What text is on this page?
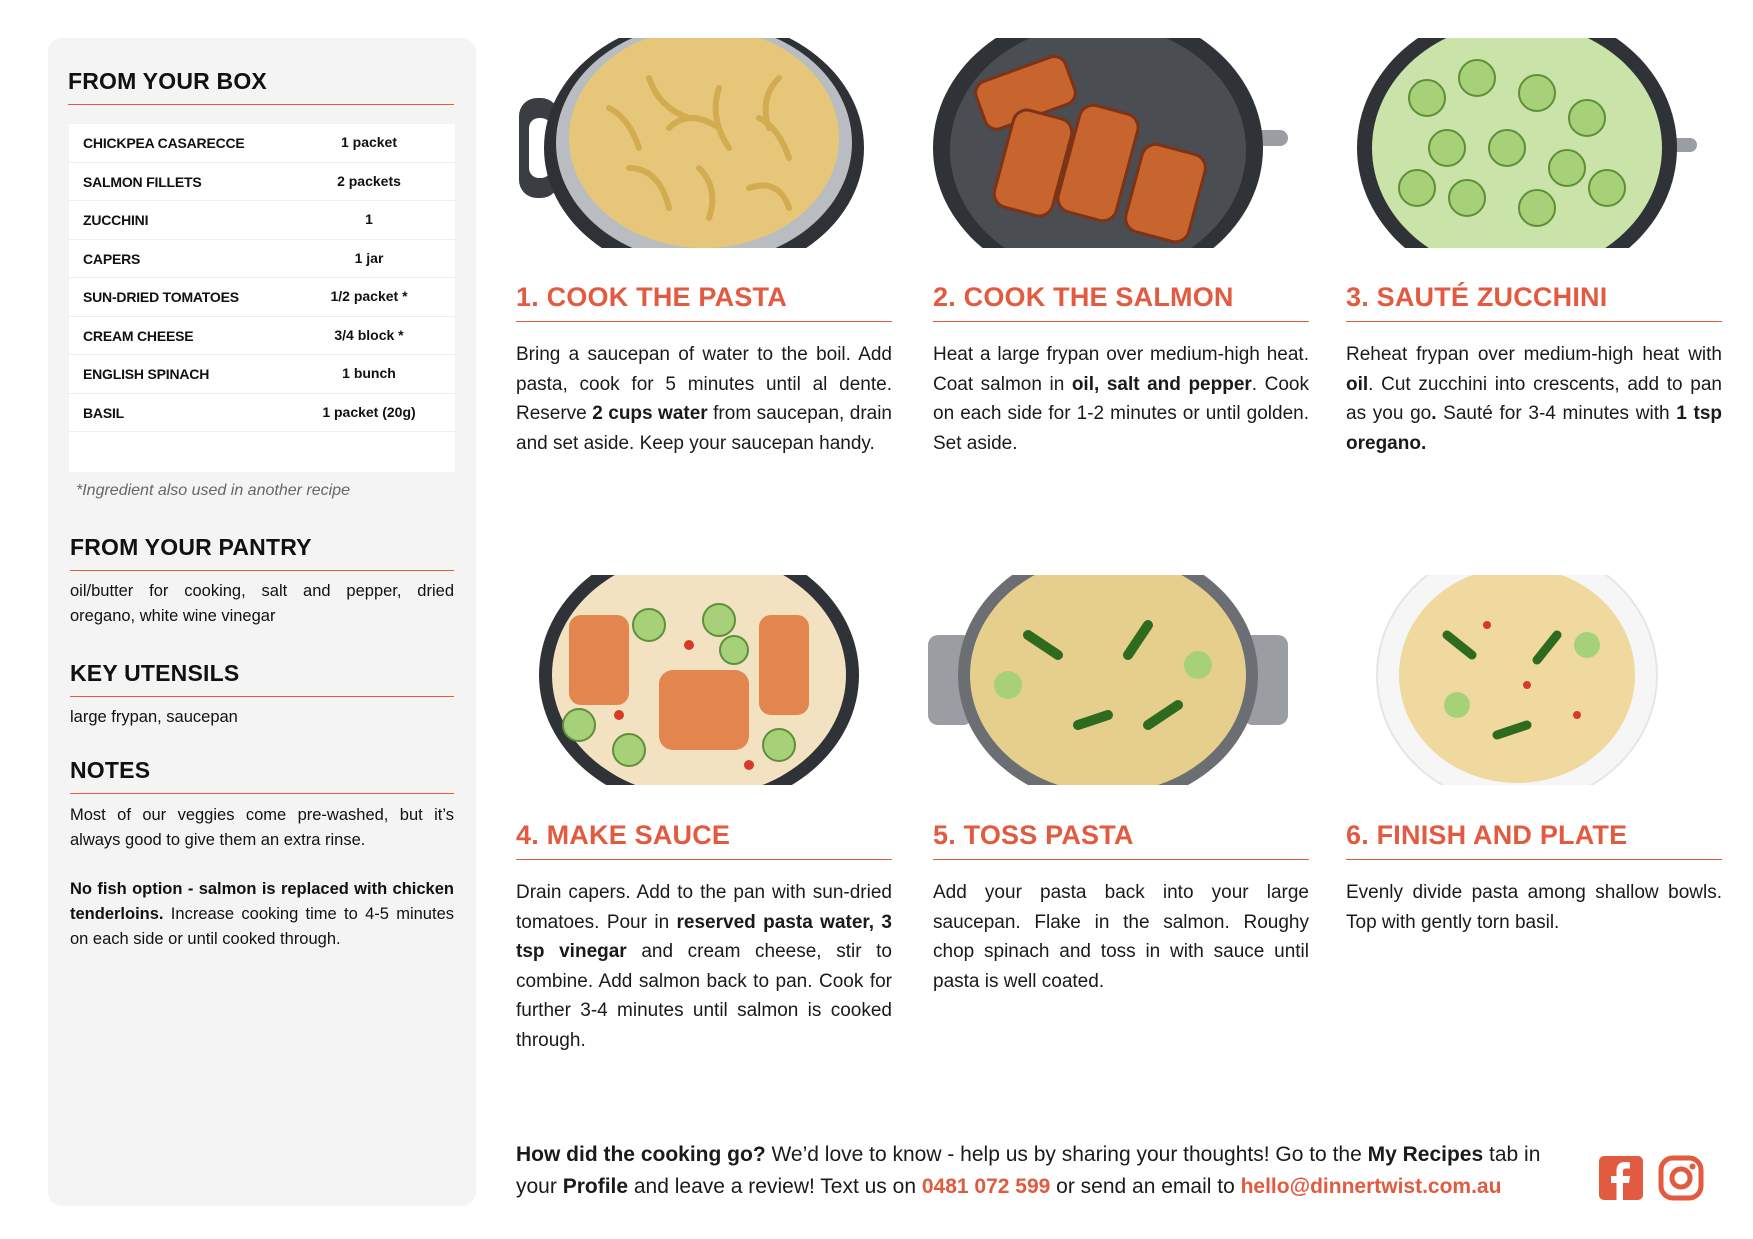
FROM YOUR BOX
CHICKPEA CASARECCE	1 packet
SALMON FILLETS	2 packets
ZUCCHINI	1
CAPERS	1 jar
SUN-DRIED TOMATOES	1/2 packet *
CREAM CHEESE	3/4 block *
ENGLISH SPINACH	1 bunch
BASIL	1 packet (20g)
*Ingredient also used in another recipe
FROM YOUR PANTRY
oil/butter for cooking, salt and pepper, dried oregano, white wine vinegar
KEY UTENSILS
large frypan, saucepan
NOTES
Most of our veggies come pre-washed, but it’s always good to give them an extra rinse.
No fish option - salmon is replaced with chicken tenderloins. Increase cooking time to 4-5 minutes on each side or until cooked through.
1. COOK THE PASTA
Bring a saucepan of water to the boil. Add pasta, cook for 5 minutes until al dente. Reserve 2 cups water from saucepan, drain and set aside. Keep your saucepan handy.
2. COOK THE SALMON
Heat a large frypan over medium-high heat. Coat salmon in oil, salt and pepper. Cook on each side for 1-2 minutes or until golden. Set aside.
3. SAUTÉ ZUCCHINI
Reheat frypan over medium-high heat with oil. Cut zucchini into crescents, add to pan as you go. Sauté for 3-4 minutes with 1 tsp oregano.
4. MAKE SAUCE
Drain capers. Add to the pan with sun-dried tomatoes. Pour in reserved pasta water, 3 tsp vinegar and cream cheese, stir to combine. Add salmon back to pan. Cook for further 3-4 minutes until salmon is cooked through.
5. TOSS PASTA
Add your pasta back into your large saucepan. Flake in the salmon. Roughy chop spinach and toss in with sauce until pasta is well coated.
6. FINISH AND PLATE
Evenly divide pasta among shallow bowls. Top with gently torn basil.
How did the cooking go? We’d love to know - help us by sharing your thoughts! Go to the My Recipes tab in your Profile and leave a review! Text us on 0481 072 599 or send an email to hello@dinnertwist.com.au
